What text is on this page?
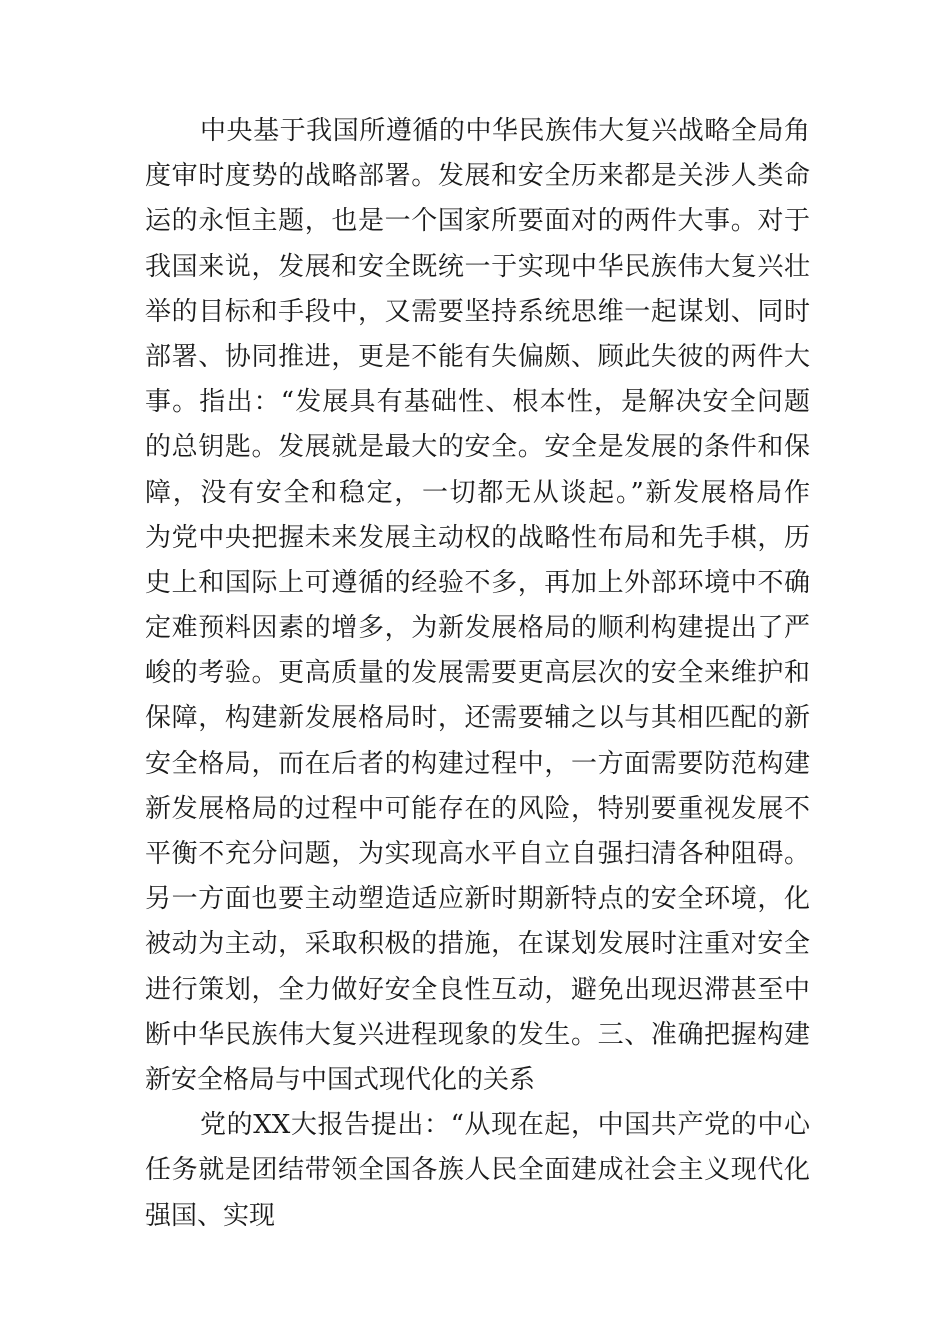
中央基于我国所遵循的中华民族伟大复兴战略全局角
度审时度势的战略部署。发展和安全历来都是关涉人类命
运的永恒主题，也是一个国家所要面对的两件大事。对于
我国来说，发展和安全既统一于实现中华民族伟大复兴壮
举的目标和手段中，又需要坚持系统思维一起谋划、同时
部署、协同推进，更是不能有失偏颇、顾此失彼的两件大
事。指出：“发展具有基础性、根本性，是解决安全问题
的总钥匙。发展就是最大的安全。安全是发展的条件和保
障，没有安全和稳定，一切都无从谈起。”新发展格局作
为党中央把握未来发展主动权的战略性布局和先手棋，历
史上和国际上可遵循的经验不多，再加上外部环境中不确
定难预料因素的增多，为新发展格局的顺利构建提出了严
峻的考验。更高质量的发展需要更高层次的安全来维护和
保障，构建新发展格局时，还需要辅之以与其相匹配的新
安全格局，而在后者的构建过程中，一方面需要防范构建
新发展格局的过程中可能存在的风险，特别要重视发展不
平衡不充分问题，为实现高水平自立自强扫清各种阻碍。
另一方面也要主动塑造适应新时期新特点的安全环境，化
被动为主动，采取积极的措施，在谋划发展时注重对安全
进行策划，全力做好安全良性互动，避免出现迟滞甚至中
断中华民族伟大复兴进程现象的发生。三、准确把握构建
新安全格局与中国式现代化的关系
党的XX大报告提出：“从现在起，中国共产党的中心
任务就是团结带领全国各族人民全面建成社会主义现代化
强国、实现
